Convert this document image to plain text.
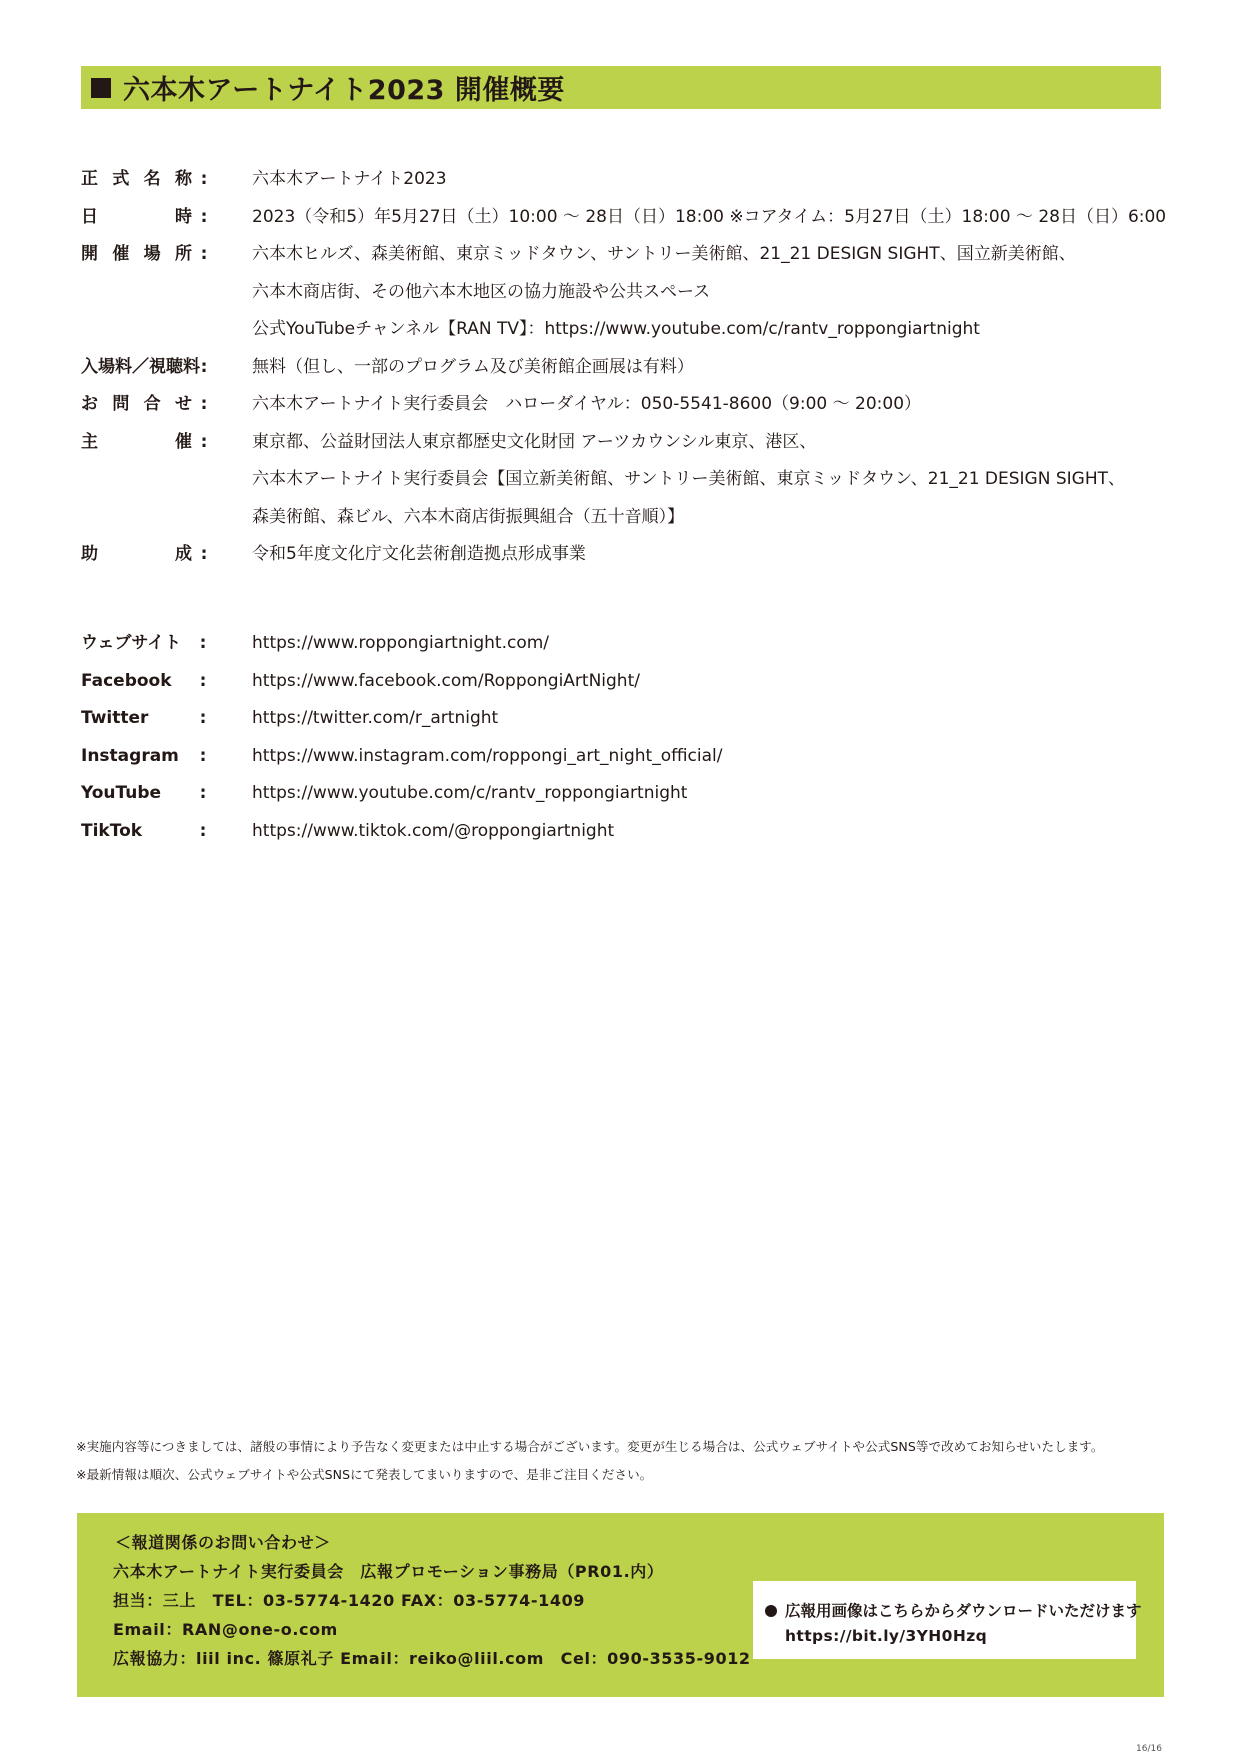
六本木アートナイト2023 開催概要
正 式 名 称 :	六本木アートナイト2023
日	時 :	2023（令和5）年5月27日（土）10:00 〜 28日（日）18:00 ※コアタイム：5月27日（土）18:00 〜 28日（日）6:00
開 催 場 所 :	六本木ヒルズ、森美術館、東京ミッドタウン、サントリー美術館、21_21 DESIGN SIGHT、国立新美術館、
六本木商店街、その他六本木地区の協力施設や公共スペース
公式YouTubeチャンネル【RAN TV】：https://www.youtube.com/c/rantv_roppongiartnight
入場料／視聴料 :	無料（但し、一部のプログラム及び美術館企画展は有料）
お 問 合 せ :	六本木アートナイト実行委員会　ハローダイヤル：050-5541-8600（9:00 〜 20:00）
主	催 :	東京都、公益財団法人東京都歴史文化財団 アーツカウンシル東京、港区、
六本木アートナイト実行委員会【国立新美術館、サントリー美術館、東京ミッドタウン、21_21 DESIGN SIGHT、
森美術館、森ビル、六本木商店街振興組合（五十音順）】
助	成 :	令和5年度文化庁文化芸術創造拠点形成事業
ウェブサイト	:	https://www.roppongiartnight.com/
Facebook	:	https://www.facebook.com/RoppongiArtNight/
Twitter	:	https://twitter.com/r_artnight
Instagram	:	https://www.instagram.com/roppongi_art_night_official/
YouTube	:	https://www.youtube.com/c/rantv_roppongiartnight
TikTok	:	https://www.tiktok.com/@roppongiartnight
※実施内容等につきましては、諸般の事情により予告なく変更または中止する場合がございます。変更が生じる場合は、公式ウェブサイトや公式SNS等で改めてお知らせいたします。
※最新情報は順次、公式ウェブサイトや公式SNSにて発表してまいりますので、是非ご注目ください。
＜報道関係のお問い合わせ＞
六本木アートナイト実行委員会　広報プロモーション事務局（PR01.内）
担当：三上　TEL：03-5774-1420 FAX：03-5774-1409
Email：RAN@one-o.com
広報協力：liil inc. 篠原礼子 Email：reiko@liil.com　Cel：090-3535-9012
広報用画像はこちらからダウンロードいただけます
https://bit.ly/3YH0Hzq
16/16
